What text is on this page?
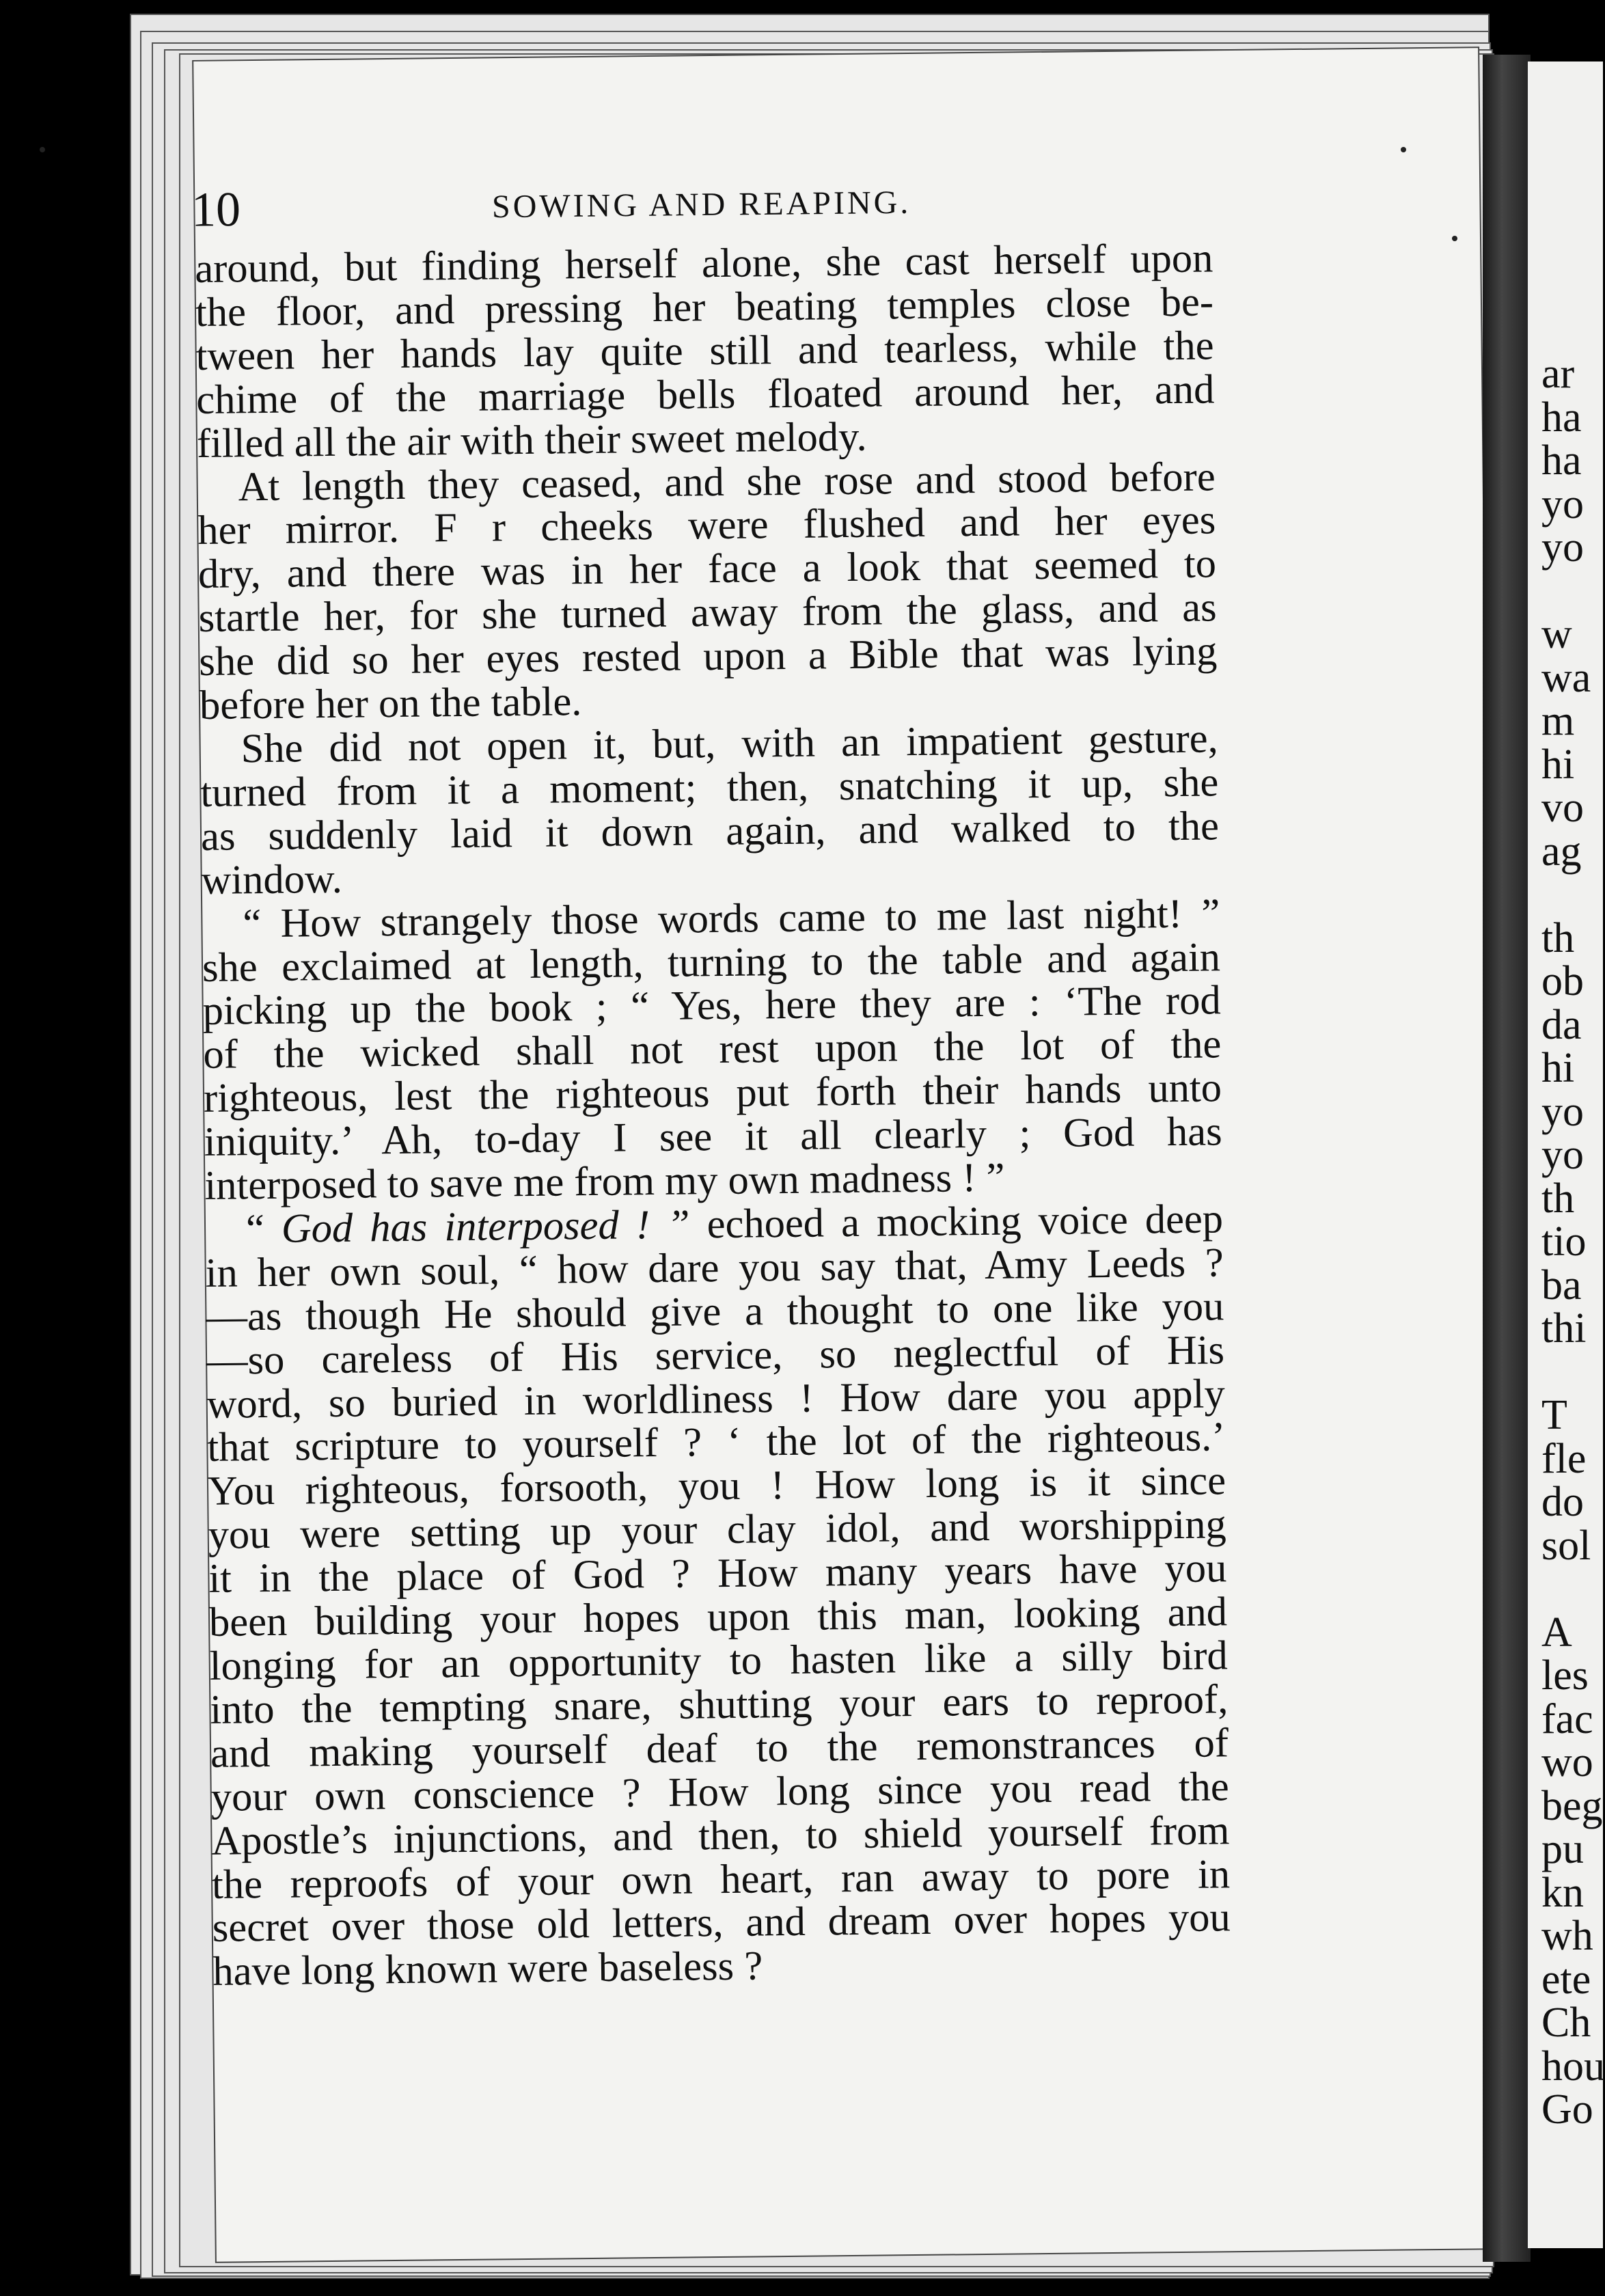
ar
ha
ha
yo
yo
w
wa
m
hi
vo
ag
th
ob
da
hi
yo
yo
th
tio
ba
thi
T
fle
do
sol
A
les
fac
wo
beg
pu
kn
wh
ete
Ch
hou
Go
10	SOWING AND REAPING.
around, but finding herself alone, she cast herself upon
the floor, and pressing her beating temples close be-
tween her hands lay quite still and tearless, while the
chime of the marriage bells floated around her, and
filled all the air with their sweet melody.
At length they ceased, and she rose and stood before
her mirror. F r cheeks were flushed and her eyes
dry, and there was in her face a look that seemed to
startle her, for she turned away from the glass, and as
she did so her eyes rested upon a Bible that was lying
before her on the table.
She did not open it, but, with an impatient gesture,
turned from it a moment; then, snatching it up, she
as suddenly laid it down again, and walked to the
window.
“ How strangely those words came to me last night! ”
she exclaimed at length, turning to the table and again
picking up the book ; “ Yes, here they are : ‘The rod
of the wicked shall not rest upon the lot of the
righteous, lest the righteous put forth their hands unto
iniquity.’ Ah, to-day I see it all clearly ; God has
interposed to save me from my own madness ! ”
“ God has interposed ! ” echoed a mocking voice deep
in her own soul, “ how dare you say that, Amy Leeds ?
—as though He should give a thought to one like you
—so careless of His service, so neglectful of His
word, so buried in worldliness ! How dare you apply
that scripture to yourself ? ‘ the lot of the righteous.’
You righteous, forsooth, you ! How long is it since
you were setting up your clay idol, and worshipping
it in the place of God ? How many years have you
been building your hopes upon this man, looking and
longing for an opportunity to hasten like a silly bird
into the tempting snare, shutting your ears to reproof,
and making yourself deaf to the remonstrances of
your own conscience ? How long since you read the
Apostle’s injunctions, and then, to shield yourself from
the reproofs of your own heart, ran away to pore in
secret over those old letters, and dream over hopes you
have long known were baseless ?
